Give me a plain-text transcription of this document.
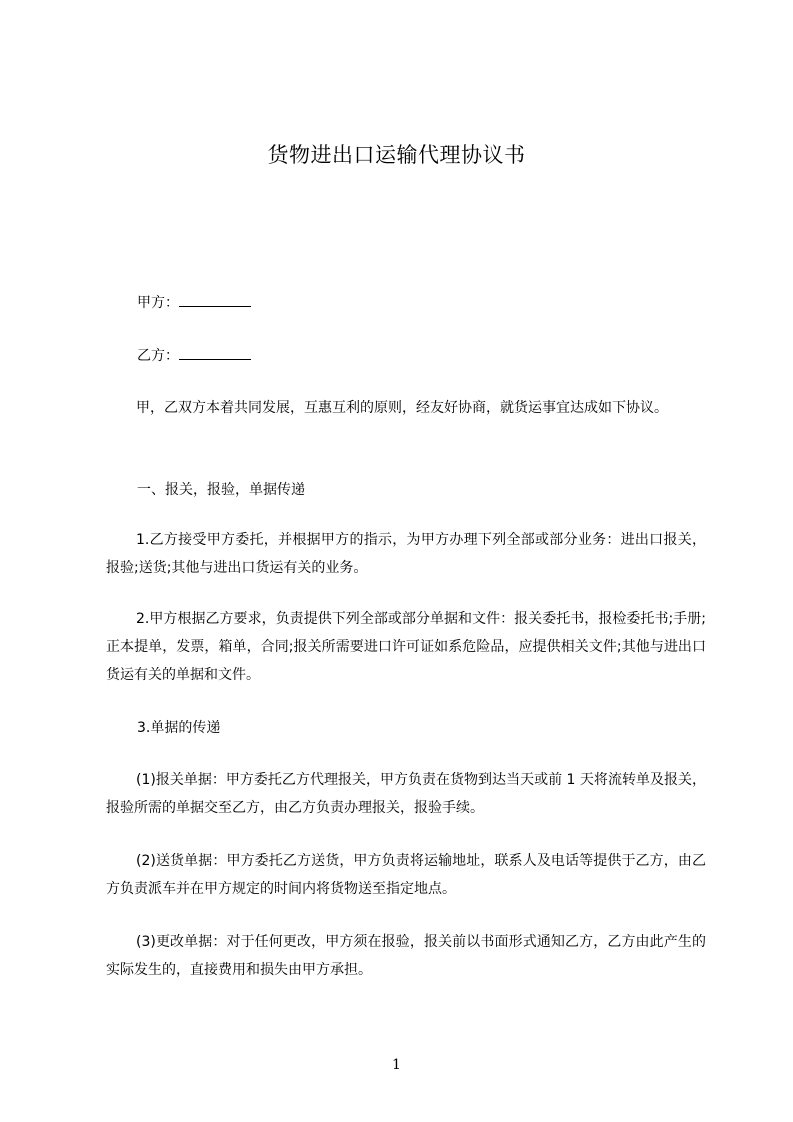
货物进出口运输代理协议书
甲方：
乙方：
甲，乙双方本着共同发展，互惠互利的原则，经友好协商，就货运事宜达成如下协议。
一、报关，报验，单据传递
1.乙方接受甲方委托，并根据甲方的指示，为甲方办理下列全部或部分业务：进出口报关，报验;送货;其他与进出口货运有关的业务。
2.甲方根据乙方要求，负责提供下列全部或部分单据和文件：报关委托书，报检委托书;手册;正本提单，发票，箱单，合同;报关所需要进口许可证如系危险品，应提供相关文件;其他与进出口货运有关的单据和文件。
3.单据的传递
(1)报关单据：甲方委托乙方代理报关，甲方负责在货物到达当天或前 1 天将流转单及报关，报验所需的单据交至乙方，由乙方负责办理报关，报验手续。
(2)送货单据：甲方委托乙方送货，甲方负责将运输地址，联系人及电话等提供于乙方，由乙方负责派车并在甲方规定的时间内将货物送至指定地点。
(3)更改单据：对于任何更改，甲方须在报验，报关前以书面形式通知乙方，乙方由此产生的实际发生的，直接费用和损失由甲方承担。
1
